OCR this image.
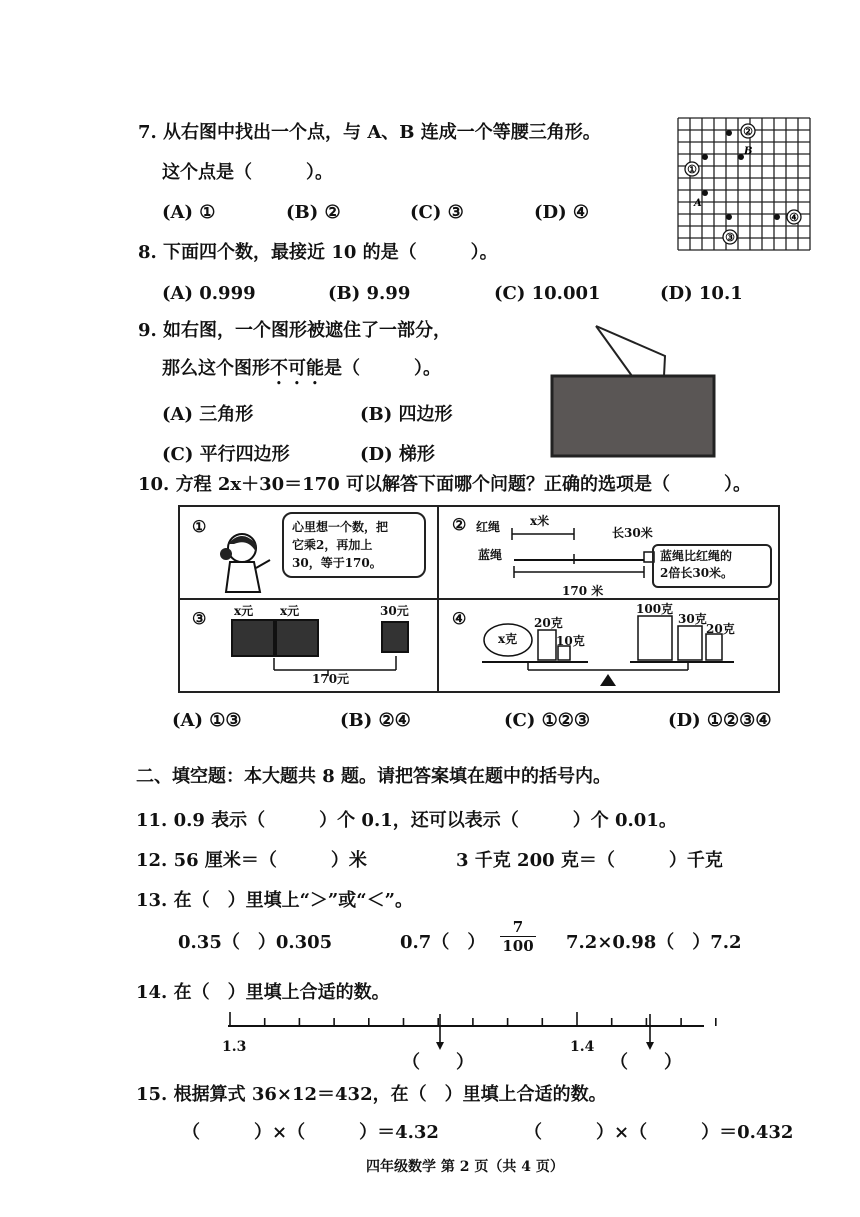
7. 从右图中找出一个点，与 A、B 连成一个等腰三角形。
这个点是（　　　）。
(A) ①	(B) ②	(C) ③	(D) ④
①
②
③
④
A
B
8. 下面四个数，最接近 10 的是（　　　）。
(A) 0.999	(B) 9.99	(C) 10.001	(D) 10.1
9. 如右图，一个图形被遮住了一部分，
那么这个图形不可能是（　　　）。
(A) 三角形	(B) 四边形
(C) 平行四边形	(D) 梯形
10. 方程 2x＋30＝170 可以解答下面哪个问题？正确的选项是（　　　）。
①	心里想一个数，把
它乘2，再加上
30，等于170。
② 红绳
蓝绳
x米
长30米
170 米
蓝绳比红绳的
2倍长30米。
③ x元 x元	30元
170元
④
x克
20克
10克
100克
30克
20克
(A) ①③	(B) ②④	(C) ①②③	(D) ①②③④
二、填空题：本大题共 8 题。请把答案填在题中的括号内。
11. 0.9 表示（　　　）个 0.1，还可以表示（　　　）个 0.01。
12. 56 厘米＝（　　　）米	3 千克 200 克＝（　　　）千克
13. 在（　）里填上“＞”或“＜”。
0.35（　）0.305	0.7（　） $\frac{7}{100} 7.2\times 0.98$（　）7.2
14. 在（　）里填上合适的数。
1.3	1.4
（　　）	（　　）
15. 根据算式 36×12＝432，在（　）里填上合适的数。
（　　　）×（　　　）＝4.32	（　　　）×（　　　）＝0.432
四年级数学 第 2 页（共 4 页）
